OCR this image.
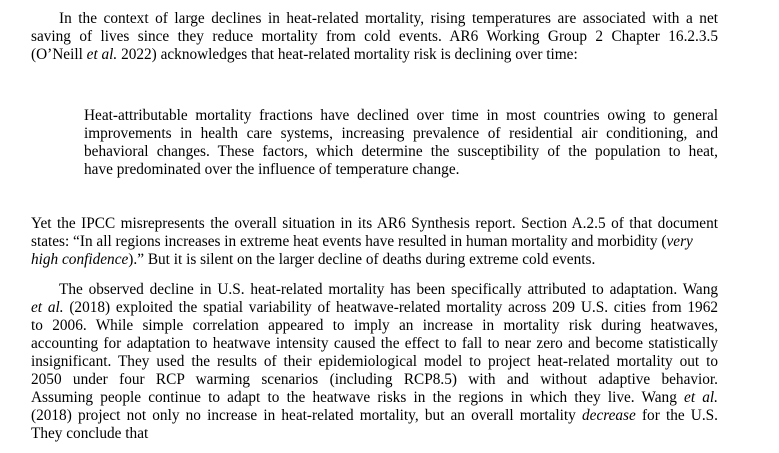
In the context of large declines in heat-related mortality, rising temperatures are associated with a net
saving of lives since they reduce mortality from cold events. AR6 Working Group 2 Chapter 16.2.3.5
(O’Neill et al. 2022) acknowledges that heat-related mortality risk is declining over time:
Heat-attributable mortality fractions have declined over time in most countries owing to general
improvements in health care systems, increasing prevalence of residential air conditioning, and
behavioral changes. These factors, which determine the susceptibility of the population to heat,
have predominated over the influence of temperature change.
Yet the IPCC misrepresents the overall situation in its AR6 Synthesis report. Section A.2.5 of that document
states: “In all regions increases in extreme heat events have resulted in human mortality and morbidity (very
high confidence).” But it is silent on the larger decline of deaths during extreme cold events.
The observed decline in U.S. heat-related mortality has been specifically attributed to adaptation. Wang
et al. (2018) exploited the spatial variability of heatwave-related mortality across 209 U.S. cities from 1962
to 2006. While simple correlation appeared to imply an increase in mortality risk during heatwaves,
accounting for adaptation to heatwave intensity caused the effect to fall to near zero and become statistically
insignificant. They used the results of their epidemiological model to project heat-related mortality out to
2050 under four RCP warming scenarios (including RCP8.5) with and without adaptive behavior.
Assuming people continue to adapt to the heatwave risks in the regions in which they live. Wang et al.
(2018) project not only no increase in heat-related mortality, but an overall mortality decrease for the U.S.
They conclude that
